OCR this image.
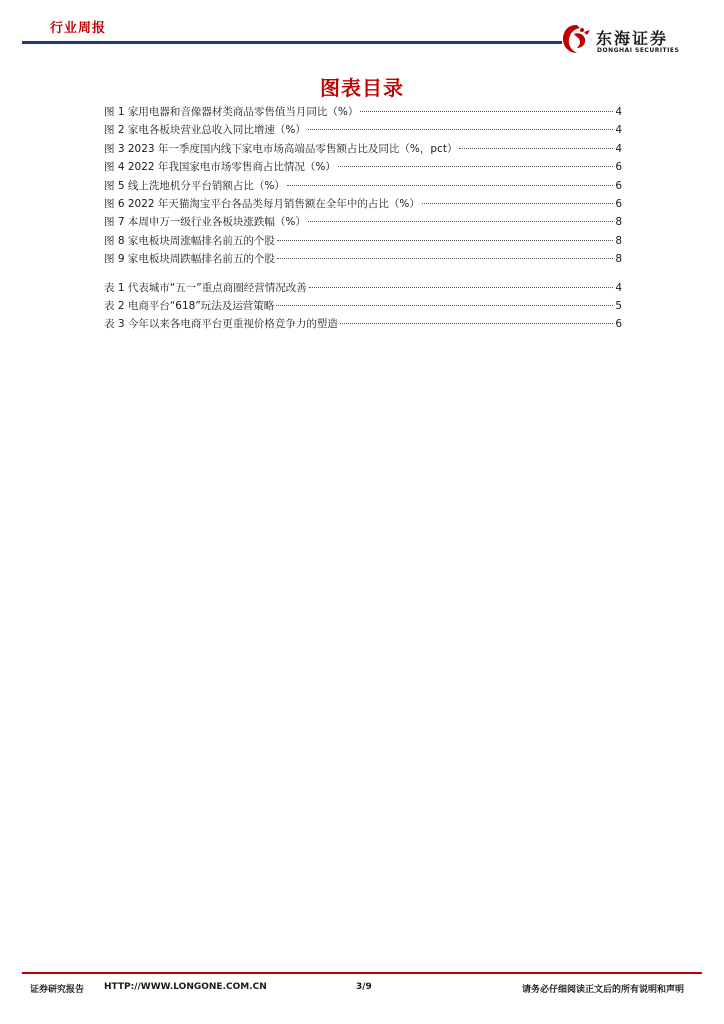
行业周报
东海证券
DONGHAI SECURITIES
图表目录
图 1 家用电器和音像器材类商品零售值当月同比（%）	4
图 2 家电各板块营业总收入同比增速（%）	4
图 3 2023 年一季度国内线下家电市场高端品零售额占比及同比（%，pct）	4
图 4 2022 年我国家电市场零售商占比情况（%）	6
图 5 线上洗地机分平台销额占比（%）	6
图 6 2022 年天猫淘宝平台各品类每月销售额在全年中的占比（%）	6
图 7 本周申万一级行业各板块涨跌幅（%）	8
图 8 家电板块周涨幅排名前五的个股	8
图 9 家电板块周跌幅排名前五的个股	8
表 1 代表城市“五一”重点商圈经营情况改善	4
表 2 电商平台“618”玩法及运营策略	5
表 3 今年以来各电商平台更重视价格竞争力的塑造	6
证券研究报告 HTTP://WWW.LONGONE.COM.CN	3/9	请务必仔细阅读正文后的所有说明和声明
